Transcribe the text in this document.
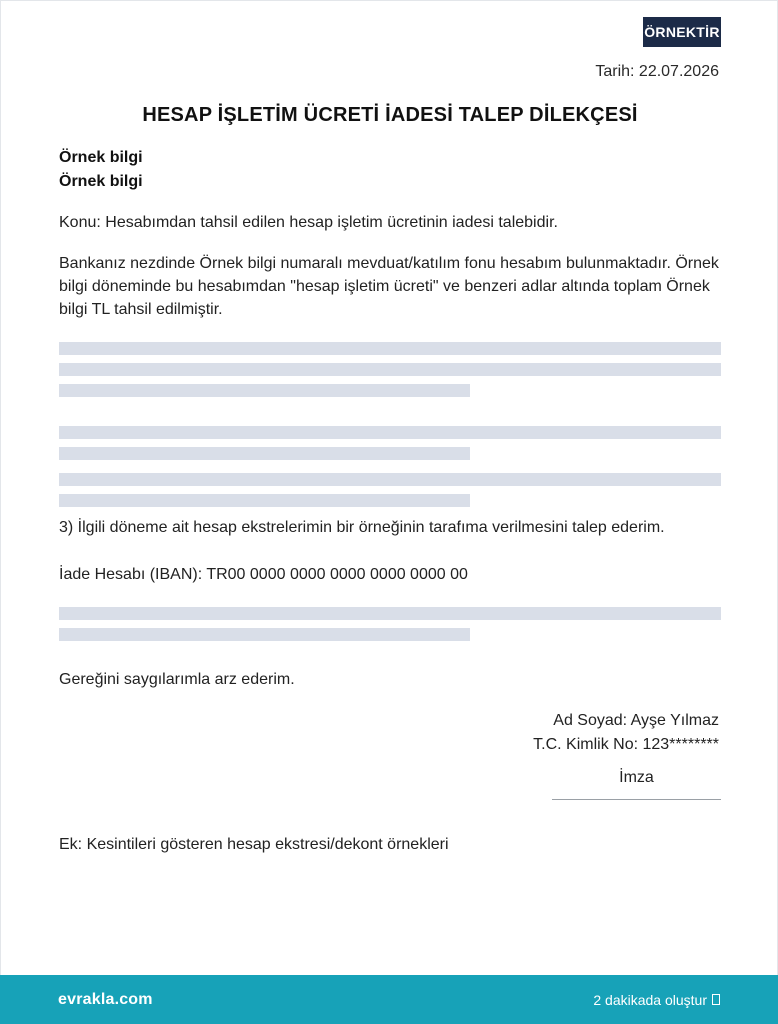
ÖRNEKTİR
Tarih: 22.07.2026
HESAP İŞLETİM ÜCRETİ İADESİ TALEP DİLEKÇESİ
Örnek bilgi
Örnek bilgi
Konu: Hesabımdan tahsil edilen hesap işletim ücretinin iadesi talebidir.
Bankanız nezdinde Örnek bilgi numaralı mevduat/katılım fonu hesabım bulunmaktadır. Örnek bilgi döneminde bu hesabımdan "hesap işletim ücreti" ve benzeri adlar altında toplam Örnek bilgi TL tahsil edilmiştir.
3) İlgili döneme ait hesap ekstrelerimin bir örneğinin tarafıma verilmesini talep ederim.
İade Hesabı (IBAN): TR00 0000 0000 0000 0000 0000 00
Gereğini saygılarımla arz ederim.
Ad Soyad: Ayşe Yılmaz
T.C. Kimlik No: 123********
İmza
Ek: Kesintileri gösteren hesap ekstresi/dekont örnekleri
evrakla.com	2 dakikada oluştur
